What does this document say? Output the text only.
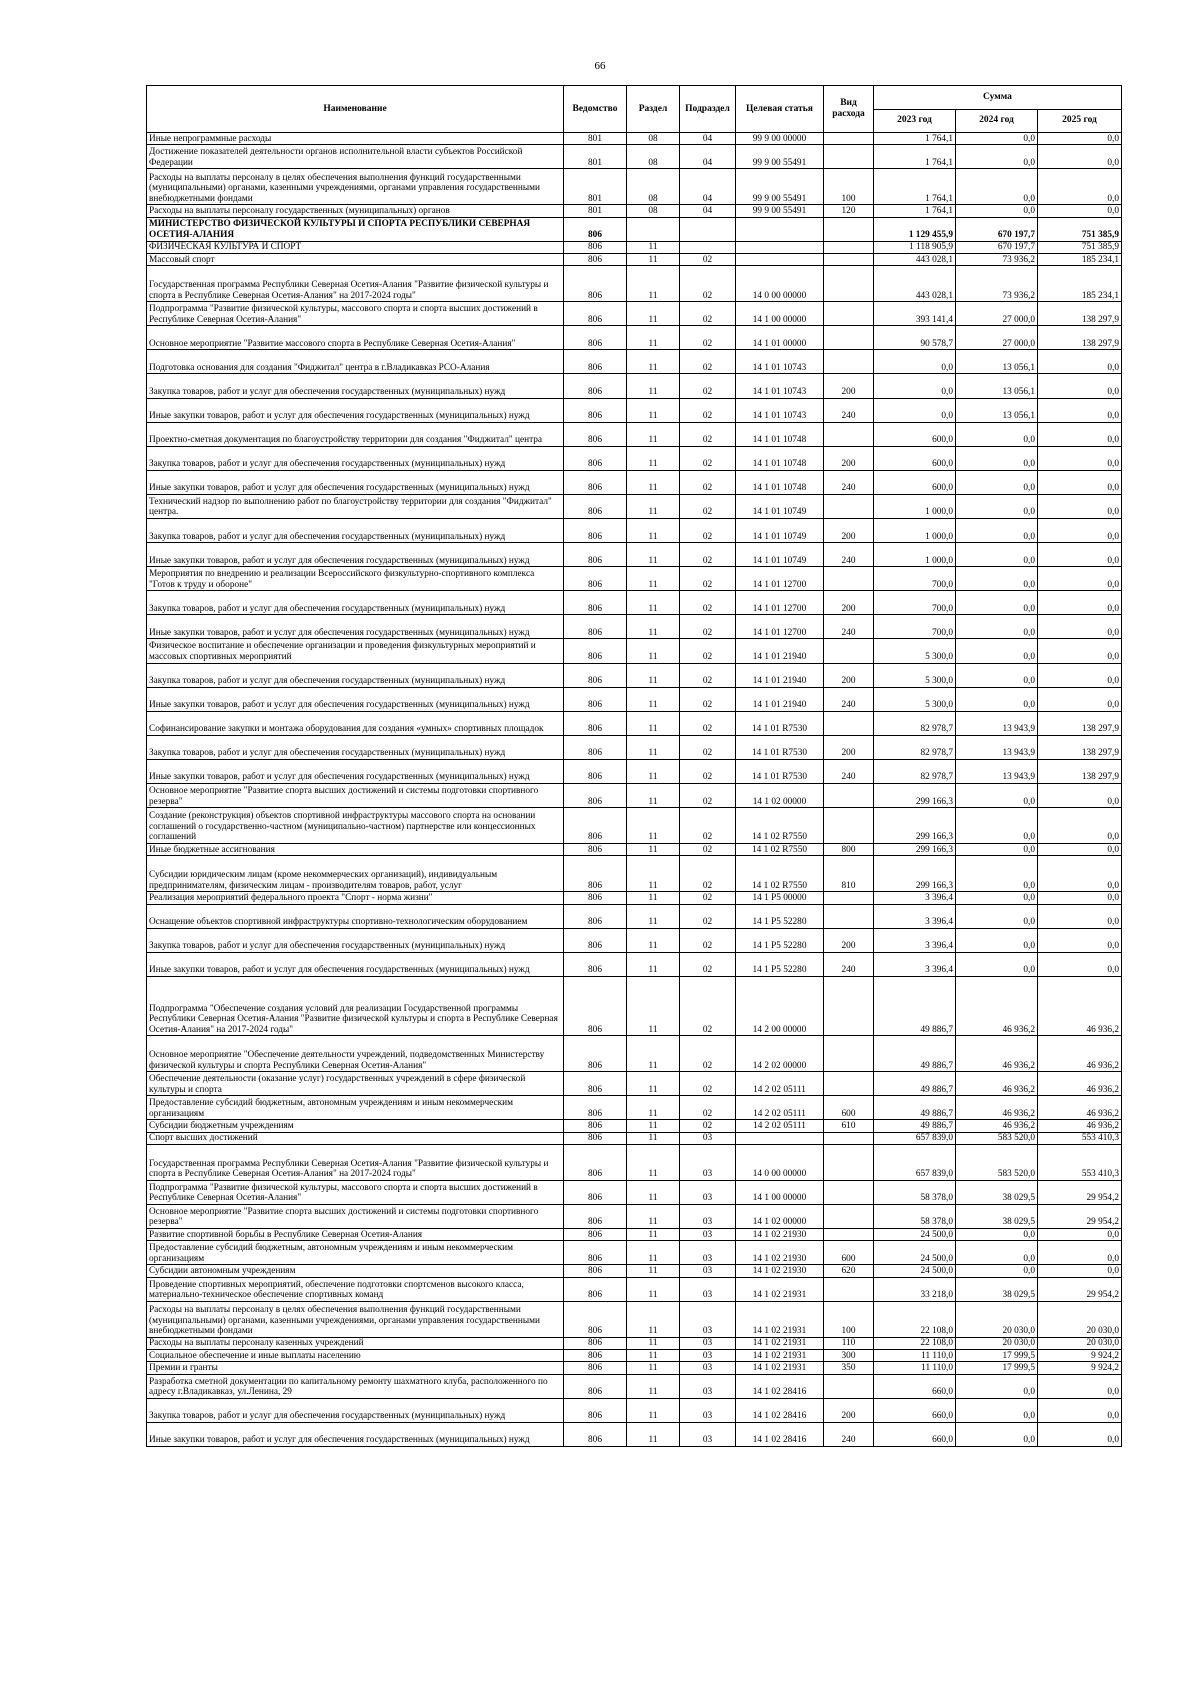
66
Наименование	Ведомство	Раздел	Подраздел	Целевая статья	Вид расхода	Сумма		
						2023 год	2024 год	2025 год
Иные непрограммные расходы	801	08	04	99 9 00 00000		1 764,1	0,0	0,0
Достижение показателей деятельности органов исполнительной власти субъектов Российской Федерации	801	08	04	99 9 00 55491		1 764,1	0,0	0,0
Расходы на выплаты персоналу в целях обеспечения выполнения функций государственными (муниципальными) органами, казенными учреждениями, органами управления государственными внебюджетными фондами	801	08	04	99 9 00 55491	100	1 764,1	0,0	0,0
Расходы на выплаты персоналу государственных (муниципальных) органов	801	08	04	99 9 00 55491	120	1 764,1	0,0	0,0
МИНИСТЕРСТВО ФИЗИЧЕСКОЙ КУЛЬТУРЫ И СПОРТА РЕСПУБЛИКИ СЕВЕРНАЯ ОСЕТИЯ-АЛАНИЯ	806					1 129 455,9	670 197,7	751 385,9
ФИЗИЧЕСКАЯ КУЛЬТУРА И СПОРТ	806	11				1 118 905,9	670 197,7	751 385,9
Массовый спорт	806	11	02			443 028,1	73 936,2	185 234,1
Государственная программа Республики Северная Осетия-Алания "Развитие физической культуры и спорта в Республике Северная Осетия-Алания" на 2017-2024 годы"	806	11	02	14 0 00 00000		443 028,1	73 936,2	185 234,1
Подпрограмма "Развитие физической культуры, массового спорта и спорта высших достижений в Республике Северная Осетия-Алания"	806	11	02	14 1 00 00000		393 141,4	27 000,0	138 297,9
Основное мероприятие "Развитие массового спорта в Республике Северная Осетия-Алания"	806	11	02	14 1 01 00000		90 578,7	27 000,0	138 297,9
Подготовка основания для создания "Фиджитал" центра в г.Владикавказ РСО-Алания	806	11	02	14 1 01 10743		0,0	13 056,1	0,0
Закупка товаров, работ и услуг для обеспечения государственных (муниципальных) нужд	806	11	02	14 1 01 10743	200	0,0	13 056,1	0,0
Иные закупки товаров, работ и услуг для обеспечения государственных (муниципальных) нужд	806	11	02	14 1 01 10743	240	0,0	13 056,1	0,0
Проектно-сметная документация по благоустройству территории для создания "Фиджитал" центра	806	11	02	14 1 01 10748		600,0	0,0	0,0
Закупка товаров, работ и услуг для обеспечения государственных (муниципальных) нужд	806	11	02	14 1 01 10748	200	600,0	0,0	0,0
Иные закупки товаров, работ и услуг для обеспечения государственных (муниципальных) нужд	806	11	02	14 1 01 10748	240	600,0	0,0	0,0
Технический надзор по выполнению работ по благоустройству территории для создания "Фиджитал" центра.	806	11	02	14 1 01 10749		1 000,0	0,0	0,0
Закупка товаров, работ и услуг для обеспечения государственных (муниципальных) нужд	806	11	02	14 1 01 10749	200	1 000,0	0,0	0,0
Иные закупки товаров, работ и услуг для обеспечения государственных (муниципальных) нужд	806	11	02	14 1 01 10749	240	1 000,0	0,0	0,0
Мероприятия по внедрению и реализации Всероссийского физкультурно-спортивного комплекса "Готов к труду и обороне"	806	11	02	14 1 01 12700		700,0	0,0	0,0
Закупка товаров, работ и услуг для обеспечения государственных (муниципальных) нужд	806	11	02	14 1 01 12700	200	700,0	0,0	0,0
Иные закупки товаров, работ и услуг для обеспечения государственных (муниципальных) нужд	806	11	02	14 1 01 12700	240	700,0	0,0	0,0
Физическое воспитание и обеспечение организации и проведения физкультурных мероприятий и массовых спортивных мероприятий	806	11	02	14 1 01 21940		5 300,0	0,0	0,0
Закупка товаров, работ и услуг для обеспечения государственных (муниципальных) нужд	806	11	02	14 1 01 21940	200	5 300,0	0,0	0,0
Иные закупки товаров, работ и услуг для обеспечения государственных (муниципальных) нужд	806	11	02	14 1 01 21940	240	5 300,0	0,0	0,0
Софинансирование закупки и монтажа оборудования для создания «умных» спортивных площадок	806	11	02	14 1 01 R7530		82 978,7	13 943,9	138 297,9
Закупка товаров, работ и услуг для обеспечения государственных (муниципальных) нужд	806	11	02	14 1 01 R7530	200	82 978,7	13 943,9	138 297,9
Иные закупки товаров, работ и услуг для обеспечения государственных (муниципальных) нужд	806	11	02	14 1 01 R7530	240	82 978,7	13 943,9	138 297,9
Основное мероприятие "Развитие спорта высших достижений и системы подготовки спортивного резерва"	806	11	02	14 1 02 00000		299 166,3	0,0	0,0
Создание (реконструкция) объектов спортивной инфраструктуры массового спорта на основании соглашений о государственно-частном (муниципально-частном) партнерстве или концессионных соглашений	806	11	02	14 1 02 R7550		299 166,3	0,0	0,0
Иные бюджетные ассигнования	806	11	02	14 1 02 R7550	800	299 166,3	0,0	0,0
Субсидии юридическим лицам (кроме некоммерческих организаций), индивидуальным предпринимателям, физическим лицам - производителям товаров, работ, услуг	806	11	02	14 1 02 R7550	810	299 166,3	0,0	0,0
Реализация мероприятий федерального проекта "Спорт - норма жизни"	806	11	02	14 1 P5 00000		3 396,4	0,0	0,0
Оснащение объектов спортивной инфраструктуры спортивно-технологическим оборудованием	806	11	02	14 1 P5 52280		3 396,4	0,0	0,0
Закупка товаров, работ и услуг для обеспечения государственных (муниципальных) нужд	806	11	02	14 1 P5 52280	200	3 396,4	0,0	0,0
Иные закупки товаров, работ и услуг для обеспечения государственных (муниципальных) нужд	806	11	02	14 1 P5 52280	240	3 396,4	0,0	0,0
Подпрограмма "Обеспечение создания условий для реализации Государственной программы Республики Северная Осетия-Алания "Развитие физической культуры и спорта в Республике Северная Осетия-Алания" на 2017-2024 годы"	806	11	02	14 2 00 00000		49 886,7	46 936,2	46 936,2
Основное мероприятие "Обеспечение деятельности учреждений, подведомственных Министерству физической культуры и спорта Республики Северная Осетия-Алания"	806	11	02	14 2 02 00000		49 886,7	46 936,2	46 936,2
Обеспечение деятельности (оказание услуг) государственных учреждений в сфере физической культуры и спорта	806	11	02	14 2 02 05111		49 886,7	46 936,2	46 936,2
Предоставление субсидий бюджетным, автономным учреждениям и иным некоммерческим организациям	806	11	02	14 2 02 05111	600	49 886,7	46 936,2	46 936,2
Субсидии бюджетным учреждениям	806	11	02	14 2 02 05111	610	49 886,7	46 936,2	46 936,2
Спорт высших достижений	806	11	03			657 839,0	583 520,0	553 410,3
Государственная программа Республики Северная Осетия-Алания "Развитие физической культуры и спорта в Республике Северная Осетия-Алания" на 2017-2024 годы"	806	11	03	14 0 00 00000		657 839,0	583 520,0	553 410,3
Подпрограмма "Развитие физической культуры, массового спорта и спорта высших достижений в Республике Северная Осетия-Алания"	806	11	03	14 1 00 00000		58 378,0	38 029,5	29 954,2
Основное мероприятие "Развитие спорта высших достижений и системы подготовки спортивного резерва"	806	11	03	14 1 02 00000		58 378,0	38 029,5	29 954,2
Развитие спортивной борьбы в Республике Северная Осетия-Алания	806	11	03	14 1 02 21930		24 500,0	0,0	0,0
Предоставление субсидий бюджетным, автономным учреждениям и иным некоммерческим организациям	806	11	03	14 1 02 21930	600	24 500,0	0,0	0,0
Субсидии автономным учреждениям	806	11	03	14 1 02 21930	620	24 500,0	0,0	0,0
Проведение спортивных мероприятий, обеспечение подготовки спортсменов высокого класса, материально-техническое обеспечение спортивных команд	806	11	03	14 1 02 21931		33 218,0	38 029,5	29 954,2
Расходы на выплаты персоналу в целях обеспечения выполнения функций государственными (муниципальными) органами, казенными учреждениями, органами управления государственными внебюджетными фондами	806	11	03	14 1 02 21931	100	22 108,0	20 030,0	20 030,0
Расходы на выплаты персоналу казенных учреждений	806	11	03	14 1 02 21931	110	22 108,0	20 030,0	20 030,0
Социальное обеспечение и иные выплаты населению	806	11	03	14 1 02 21931	300	11 110,0	17 999,5	9 924,2
Премии и гранты	806	11	03	14 1 02 21931	350	11 110,0	17 999,5	9 924,2
Разработка сметной документации по капитальному ремонту шахматного клуба, расположенного по адресу г.Владикавказ, ул.Ленина, 29	806	11	03	14 1 02 28416		660,0	0,0	0,0
Закупка товаров, работ и услуг для обеспечения государственных (муниципальных) нужд	806	11	03	14 1 02 28416	200	660,0	0,0	0,0
Иные закупки товаров, работ и услуг для обеспечения государственных (муниципальных) нужд	806	11	03	14 1 02 28416	240	660,0	0,0	0,0
